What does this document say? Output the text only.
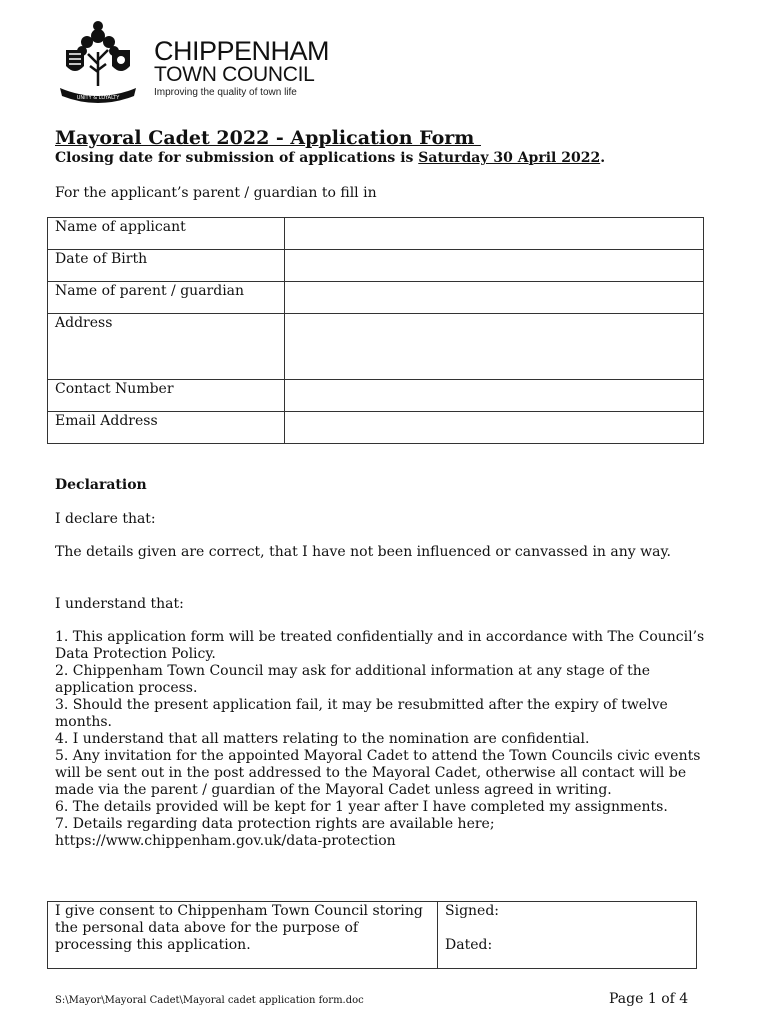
UNITY & LOYALTY
CHIPPENHAM
TOWN COUNCIL
Improving the quality of town life
Mayoral Cadet 2022 - Application Form
Closing date for submission of applications is Saturday 30 April 2022.
For the applicant’s parent / guardian to fill in
Name of applicant	
Date of Birth	
Name of parent / guardian	
Address	
Contact Number	
Email Address	
Declaration
I declare that:
The details given are correct, that I have not been influenced or canvassed in any way.
I understand that:
1. This application form will be treated confidentially and in accordance with The Council’s Data Protection Policy.
2. Chippenham Town Council may ask for additional information at any stage of the application process.
3. Should the present application fail, it may be resubmitted after the expiry of twelve months.
4. I understand that all matters relating to the nomination are confidential.
5. Any invitation for the appointed Mayoral Cadet to attend the Town Councils civic events will be sent out in the post addressed to the Mayoral Cadet, otherwise all contact will be made via the parent / guardian of the Mayoral Cadet unless agreed in writing.
6. The details provided will be kept for 1 year after I have completed my assignments.
7. Details regarding data protection rights are available here; https://www.chippenham.gov.uk/data-protection
I give consent to Chippenham Town Council storing the personal data above for the purpose of processing this application.	
Signed:
Dated:
S:\Mayor\Mayoral Cadet\Mayoral cadet application form.doc	Page 1 of 4
